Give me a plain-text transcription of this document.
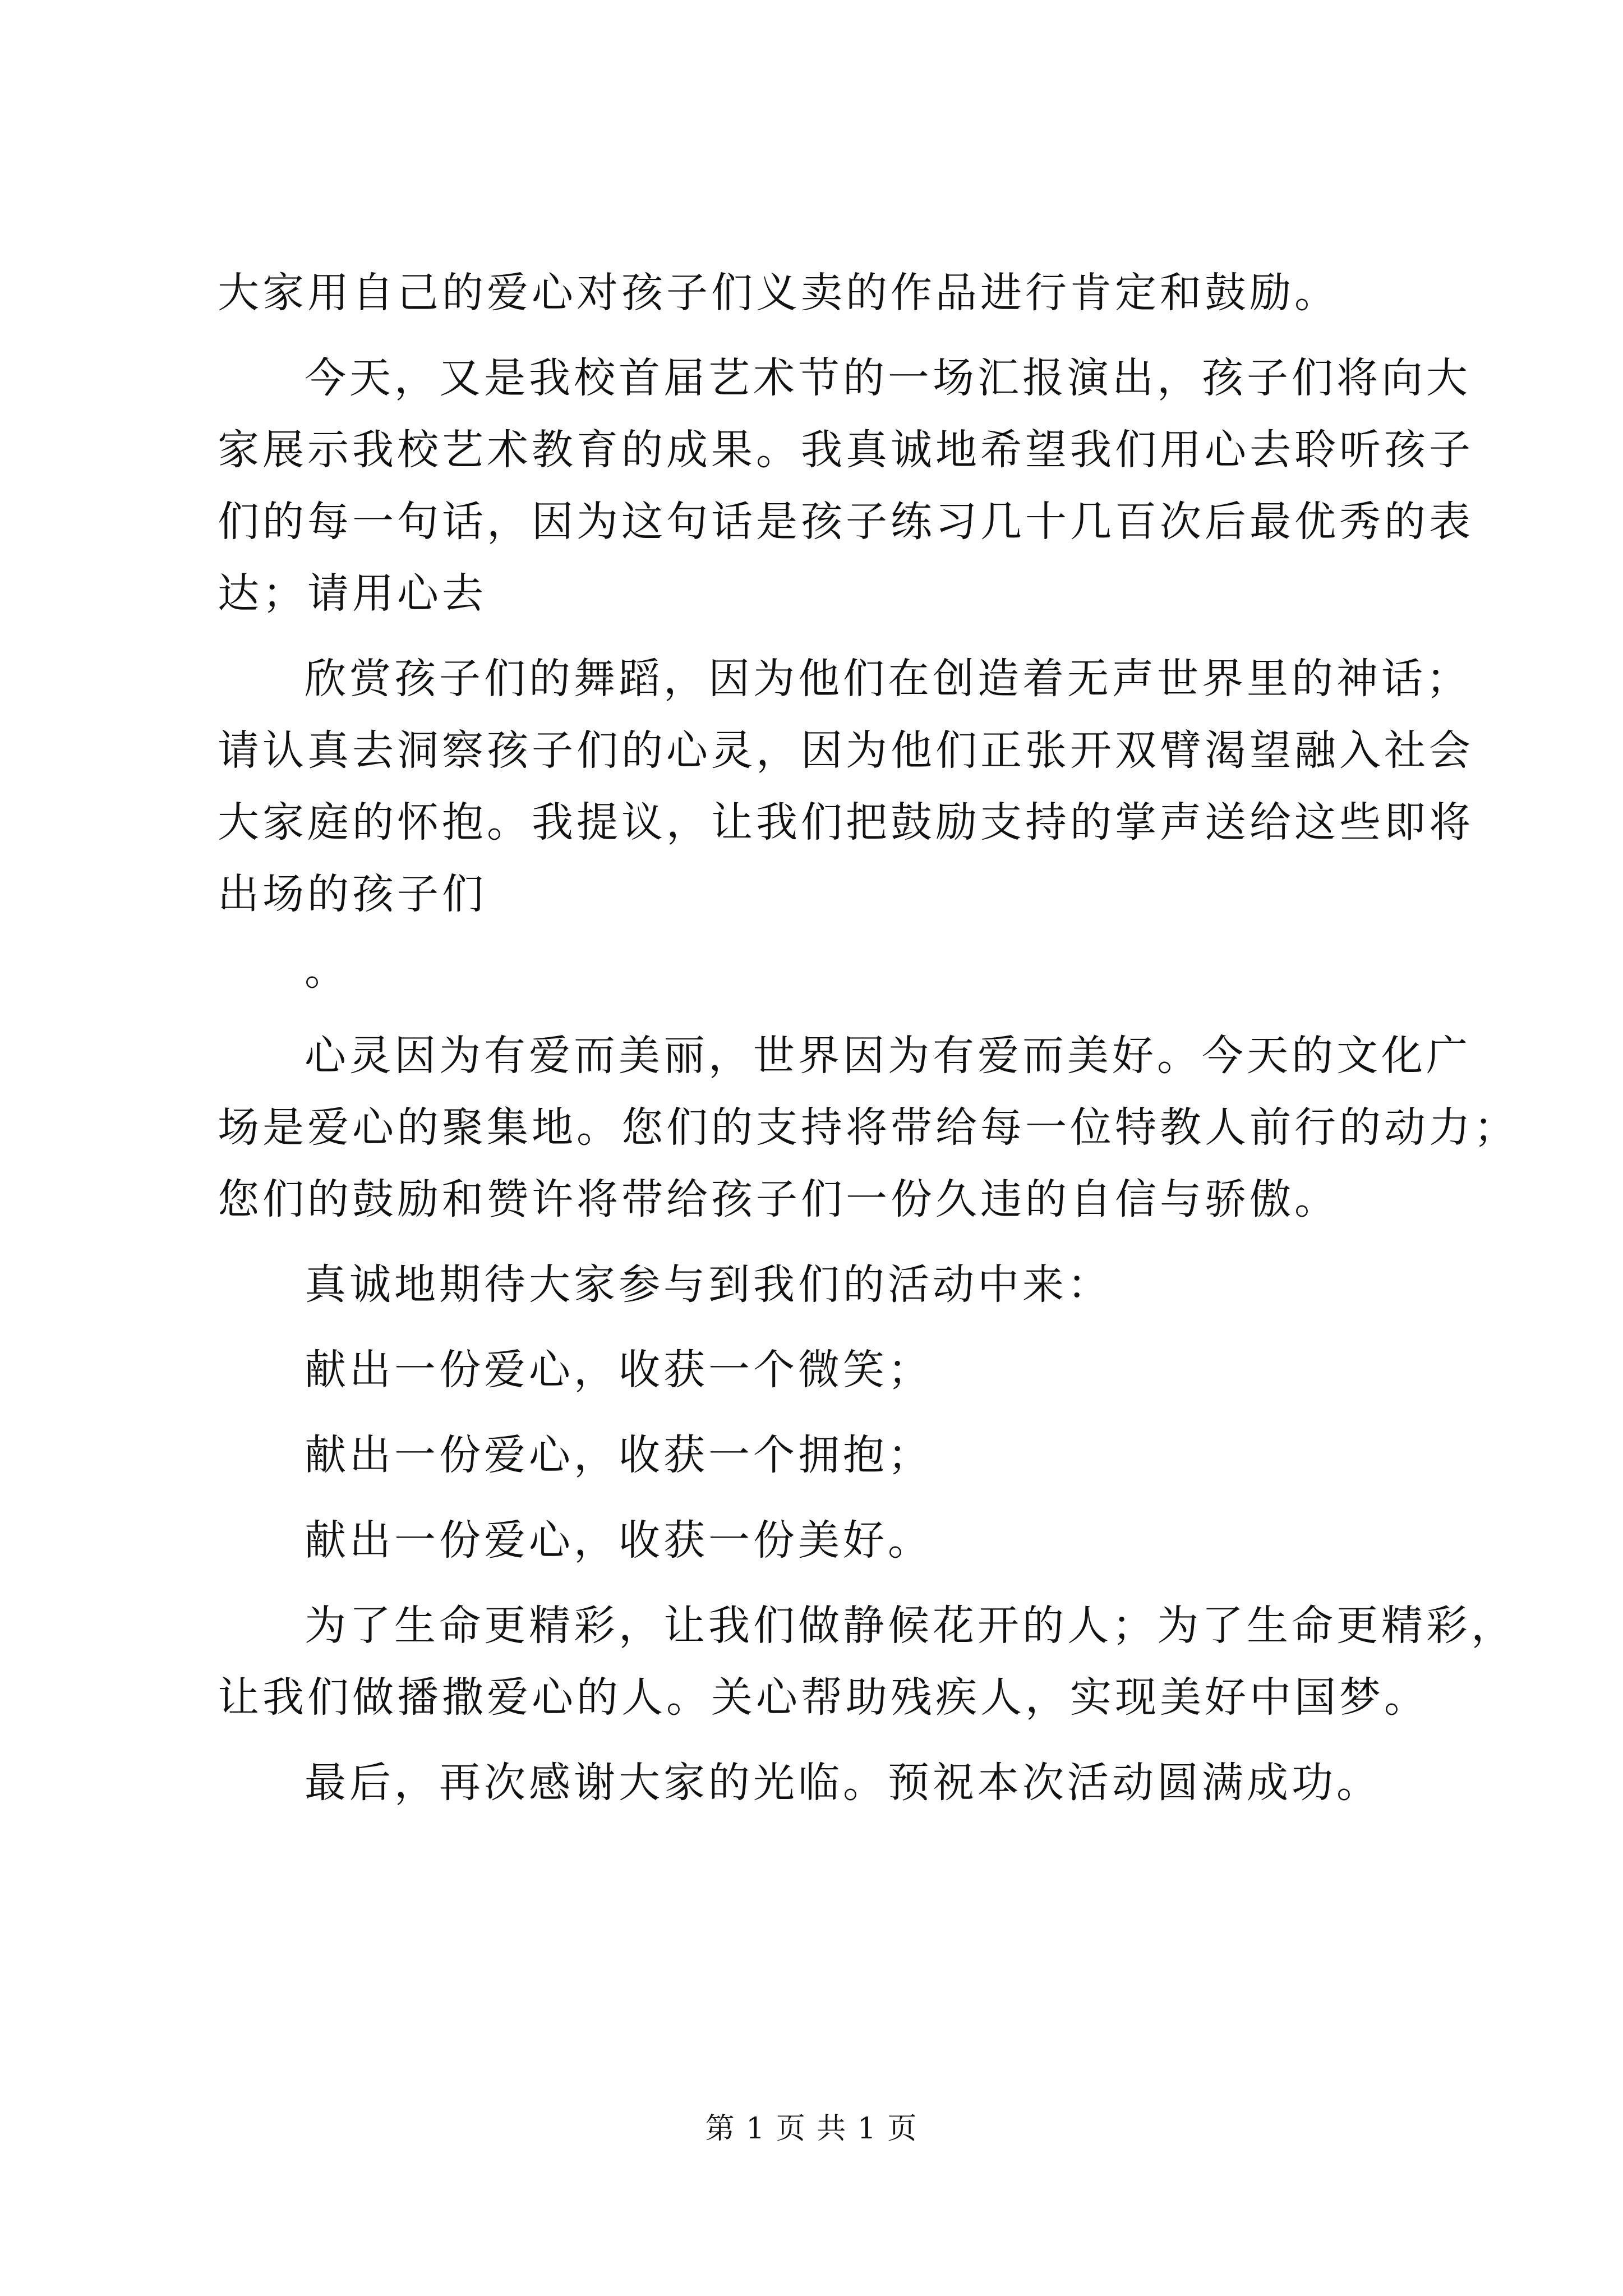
大家用自己的爱心对孩子们义卖的作品进行肯定和鼓励。
今天，又是我校首届艺术节的一场汇报演出，孩子们将向大
家展示我校艺术教育的成果。我真诚地希望我们用心去聆听孩子
们的每一句话，因为这句话是孩子练习几十几百次后最优秀的表
达；请用心去
欣赏孩子们的舞蹈，因为他们在创造着无声世界里的神话；
请认真去洞察孩子们的心灵，因为他们正张开双臂渴望融入社会
大家庭的怀抱。我提议，让我们把鼓励支持的掌声送给这些即将
出场的孩子们
。
心灵因为有爱而美丽，世界因为有爱而美好。今天的文化广
场是爱心的聚集地。您们的支持将带给每一位特教人前行的动力；
您们的鼓励和赞许将带给孩子们一份久违的自信与骄傲。
真诚地期待大家参与到我们的活动中来：
献出一份爱心，收获一个微笑；
献出一份爱心，收获一个拥抱；
献出一份爱心，收获一份美好。
为了生命更精彩，让我们做静候花开的人；为了生命更精彩，
让我们做播撒爱心的人。关心帮助残疾人，实现美好中国梦。
最后，再次感谢大家的光临。预祝本次活动圆满成功。
第 1 页 共 1 页
